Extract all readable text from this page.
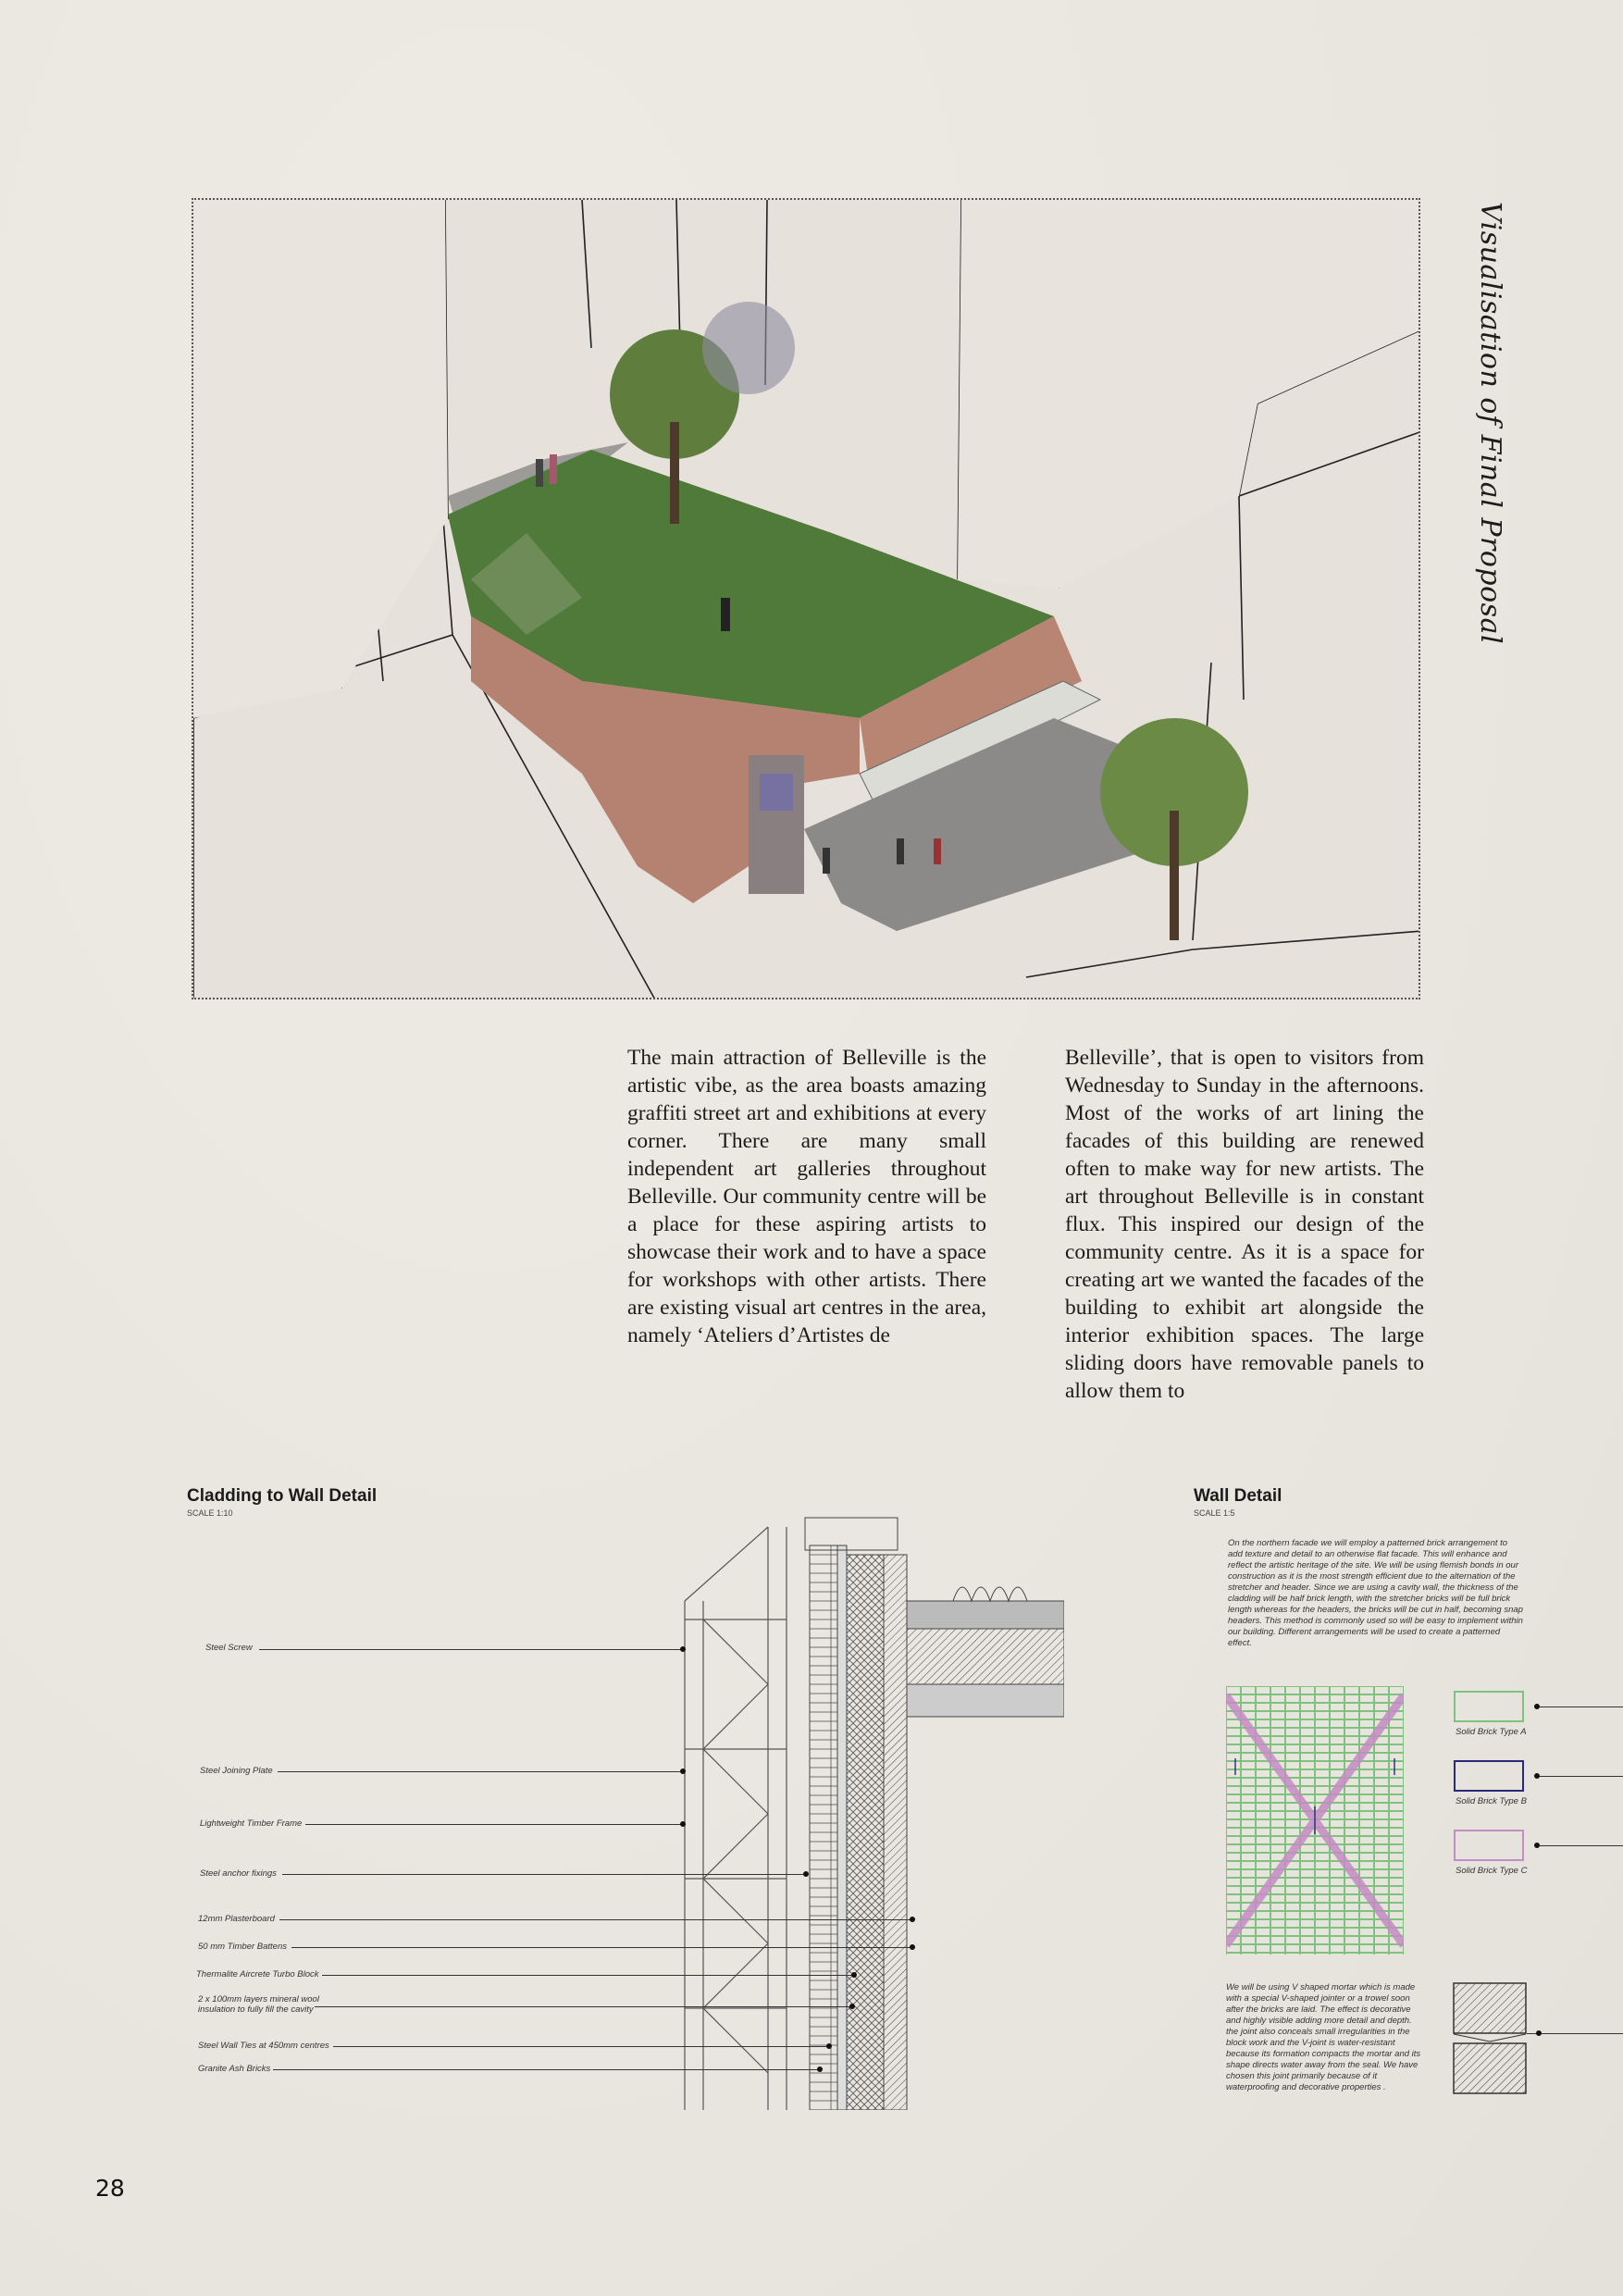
Visualisation of Final Proposal
The main attraction of Belleville is the artistic vibe, as the area boasts amazing graffiti street art and exhibitions at every corner. There are many small independent art galleries throughout Belleville. Our community centre will be a place for these aspiring artists to showcase their work and to have a space for workshops with other artists. There are existing visual art centres in the area, namely ‘Ateliers d’Artistes de
Belleville’, that is open to visitors from Wednesday to Sunday in the afternoons. Most of the works of art lining the facades of this building are renewed often to make way for new artists. The art throughout Belleville is in constant flux. This inspired our design of the community centre. As it is a space for creating art we wanted the facades of the building to exhibit art alongside the interior exhibition spaces. The large sliding doors have removable panels to allow them to
Cladding to Wall Detail
SCALE 1:10
Steel Screw
Steel Joining Plate
Lightweight Timber Frame
Steel anchor fixings
12mm Plasterboard
50 mm Timber Battens
Thermalite Aircrete Turbo Block
2 x 100mm layers mineral wool insulation to fully fill the cavity
Steel Wall Ties at 450mm centres
Granite Ash Bricks
Wall Detail
SCALE 1:5
On the northern facade we will employ a patterned brick arrangement to add texture and detail to an otherwise flat facade. This will enhance and reflect the artistic heritage of the site. We will be using flemish bonds in our construction as it is the most strength efficient due to the alternation of the stretcher and header. Since we are using a cavity wall, the thickness of the cladding will be half brick length, with the stretcher bricks will be full brick length whereas for the headers, the bricks will be cut in half, becoming snap headers. This method is commonly used so will be easy to implement within our building. Different arrangements will be used to create a patterned effect.
Solid Brick Type A
Solid Brick Type B
Solid Brick Type C
We will be using V shaped mortar which is made with a special V-shaped jointer or a trowel soon after the bricks are laid. The effect is decorative and highly visible adding more detail and depth. the joint also conceals small irregularities in the block work and the V-joint is water-resistant because its formation compacts the mortar and its shape directs water away from the seal. We have chosen this joint primarily because of it waterproofing and decorative properties .
28
